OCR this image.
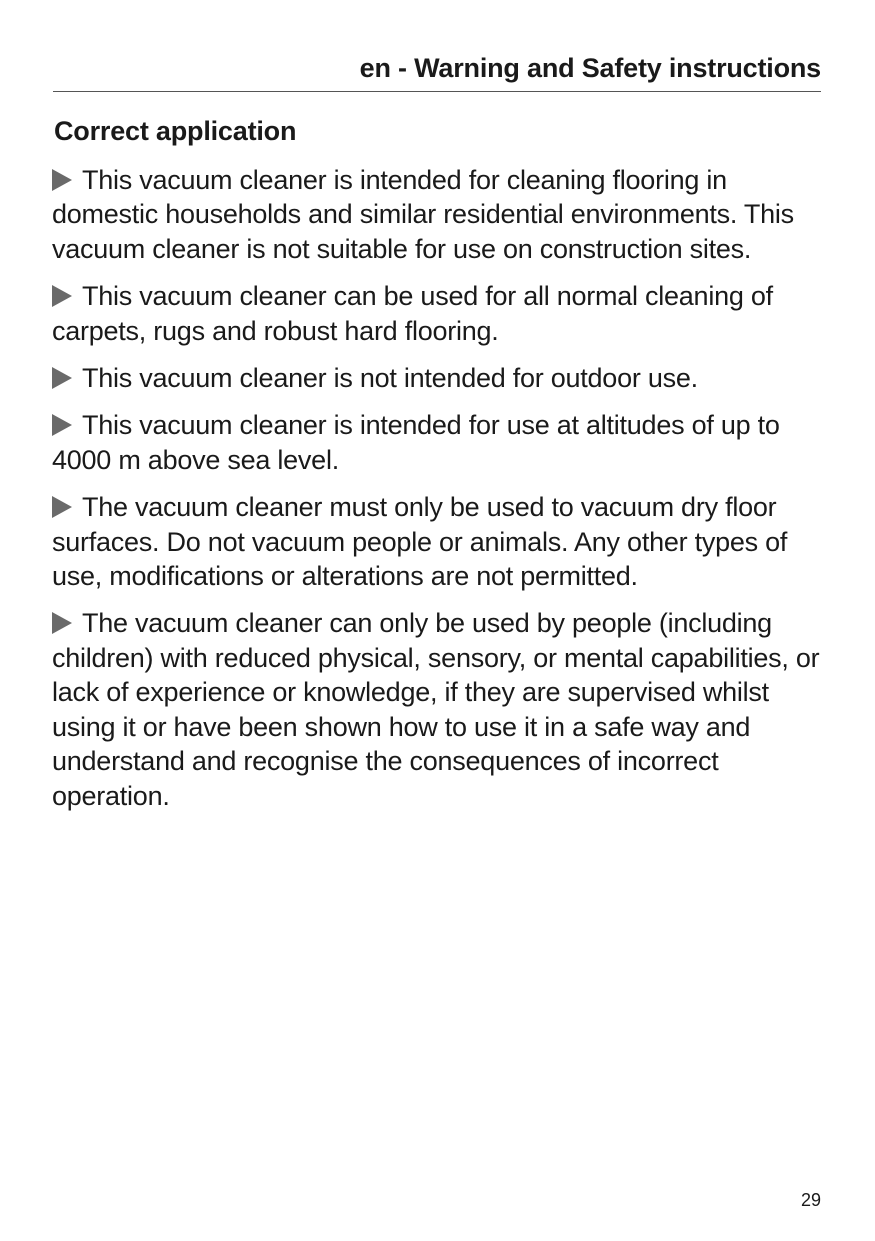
en - Warning and Safety instructions
Correct application

This vacuum cleaner is intended for cleaning flooring in domestic households and similar residential environments. This vacuum cleaner is not suitable for use on construction sites.

This vacuum cleaner can be used for all normal cleaning of carpets, rugs and robust hard flooring.

This vacuum cleaner is not intended for outdoor use.

This vacuum cleaner is intended for use at altitudes of up to 4000 m above sea level.

The vacuum cleaner must only be used to vacuum dry floor surfaces. Do not vacuum people or animals. Any other types of use, modifications or alterations are not permitted.

The vacuum cleaner can only be used by people (including children) with reduced physical, sensory, or mental capabilities, or lack of experience or knowledge, if they are supervised whilst using it or have been shown how to use it in a safe way and understand and recognise the consequences of incorrect operation.

29
